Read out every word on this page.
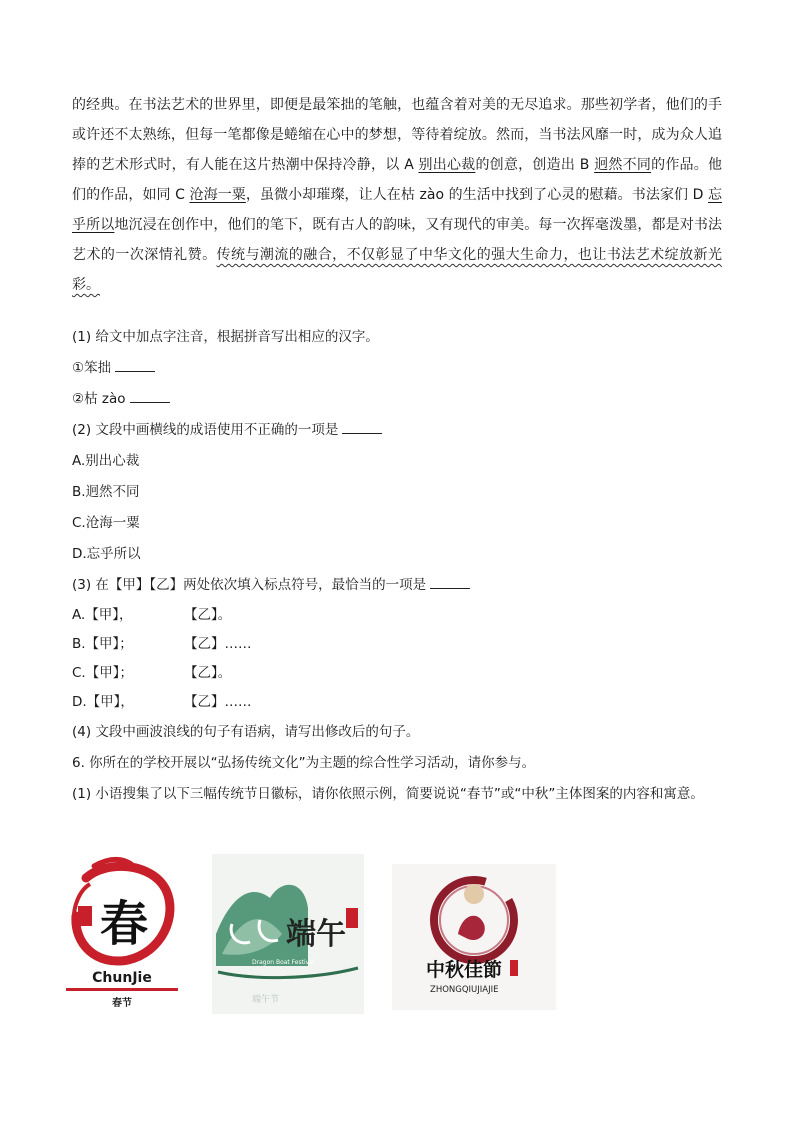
的经典。在书法艺术的世界里，即便是最笨拙的笔触，也蕴含着对美的无尽追求。那些初学者，他们的手或许还不太熟练，但每一笔都像是蜷缩在心中的梦想，等待着绽放。然而，当书法风靡一时，成为众人追捧的艺术形式时，有人能在这片热潮中保持冷静，以 A 别出心裁的创意，创造出 B 迥然不同的作品。他们的作品，如同 C 沧海一粟，虽微小却璀璨，让人在枯 zào 的生活中找到了心灵的慰藉。书法家们 D 忘乎所以地沉浸在创作中，他们的笔下，既有古人的韵味，又有现代的审美。每一次挥毫泼墨，都是对书法艺术的一次深情礼赞。传统与潮流的融合，不仅彰显了中华文化的强大生命力，也让书法艺术绽放新光彩。

(1) 给文中加点字注音，根据拼音写出相应的汉字。

①笨拙

②枯 zào

(2) 文段中画横线的成语使用不正确的一项是

A.别出心裁

B.迥然不同

C.沧海一粟

D.忘乎所以

(3) 在【甲】【乙】两处依次填入标点符号，最恰当的一项是

A.【甲】，	【乙】。
B.【甲】；	【乙】……
C.【甲】；	【乙】。
D.【甲】，	【乙】……

(4) 文段中画波浪线的句子有语病，请写出修改后的句子。

6. 你所在的学校开展以“弘扬传统文化”为主题的综合性学习活动，请你参与。

(1) 小语搜集了以下三幅传统节日徽标，请你依照示例，简要说说“春节”或“中秋”主体图案的内容和寓意。

春
ChunJie
春节
端午
Dragon Boat Festival
端午节
中秋佳節
ZHONGQIUJIAJIE
